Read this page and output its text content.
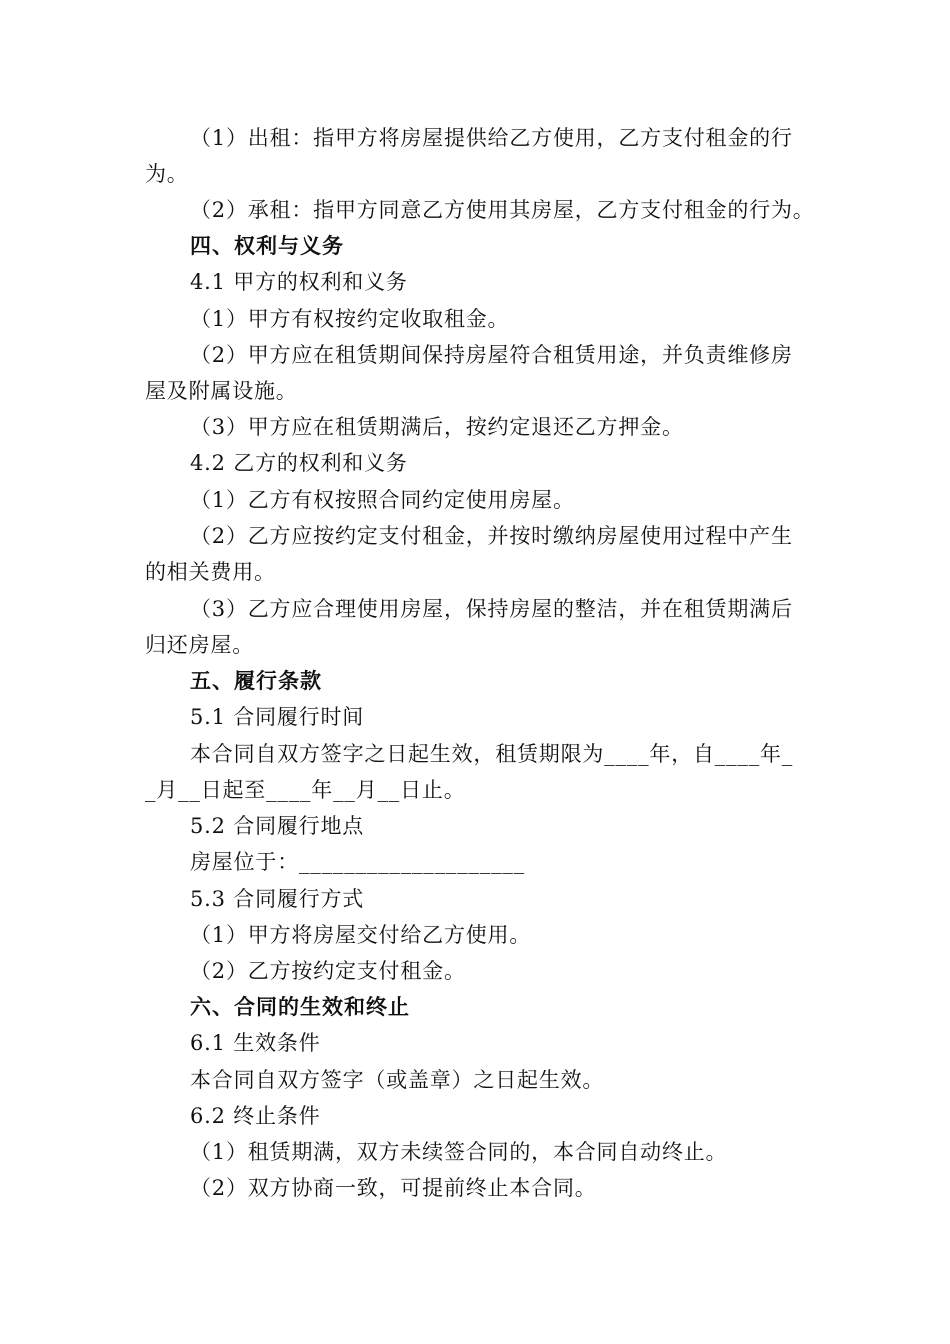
（1）出租：指甲方将房屋提供给乙方使用，乙方支付租金的行
为。
（2）承租：指甲方同意乙方使用其房屋，乙方支付租金的行为。
四、权利与义务
4.1 甲方的权利和义务
（1）甲方有权按约定收取租金。
（2）甲方应在租赁期间保持房屋符合租赁用途，并负责维修房
屋及附属设施。
（3）甲方应在租赁期满后，按约定退还乙方押金。
4.2 乙方的权利和义务
（1）乙方有权按照合同约定使用房屋。
（2）乙方应按约定支付租金，并按时缴纳房屋使用过程中产生
的相关费用。
（3）乙方应合理使用房屋，保持房屋的整洁，并在租赁期满后
归还房屋。
五、履行条款
5.1 合同履行时间
本合同自双方签字之日起生效，租赁期限为____年，自____年_
_月__日起至____年__月__日止。
5.2 合同履行地点
房屋位于：____________________
5.3 合同履行方式
（1）甲方将房屋交付给乙方使用。
（2）乙方按约定支付租金。
六、合同的生效和终止
6.1 生效条件
本合同自双方签字（或盖章）之日起生效。
6.2 终止条件
（1）租赁期满，双方未续签合同的，本合同自动终止。
（2）双方协商一致，可提前终止本合同。
